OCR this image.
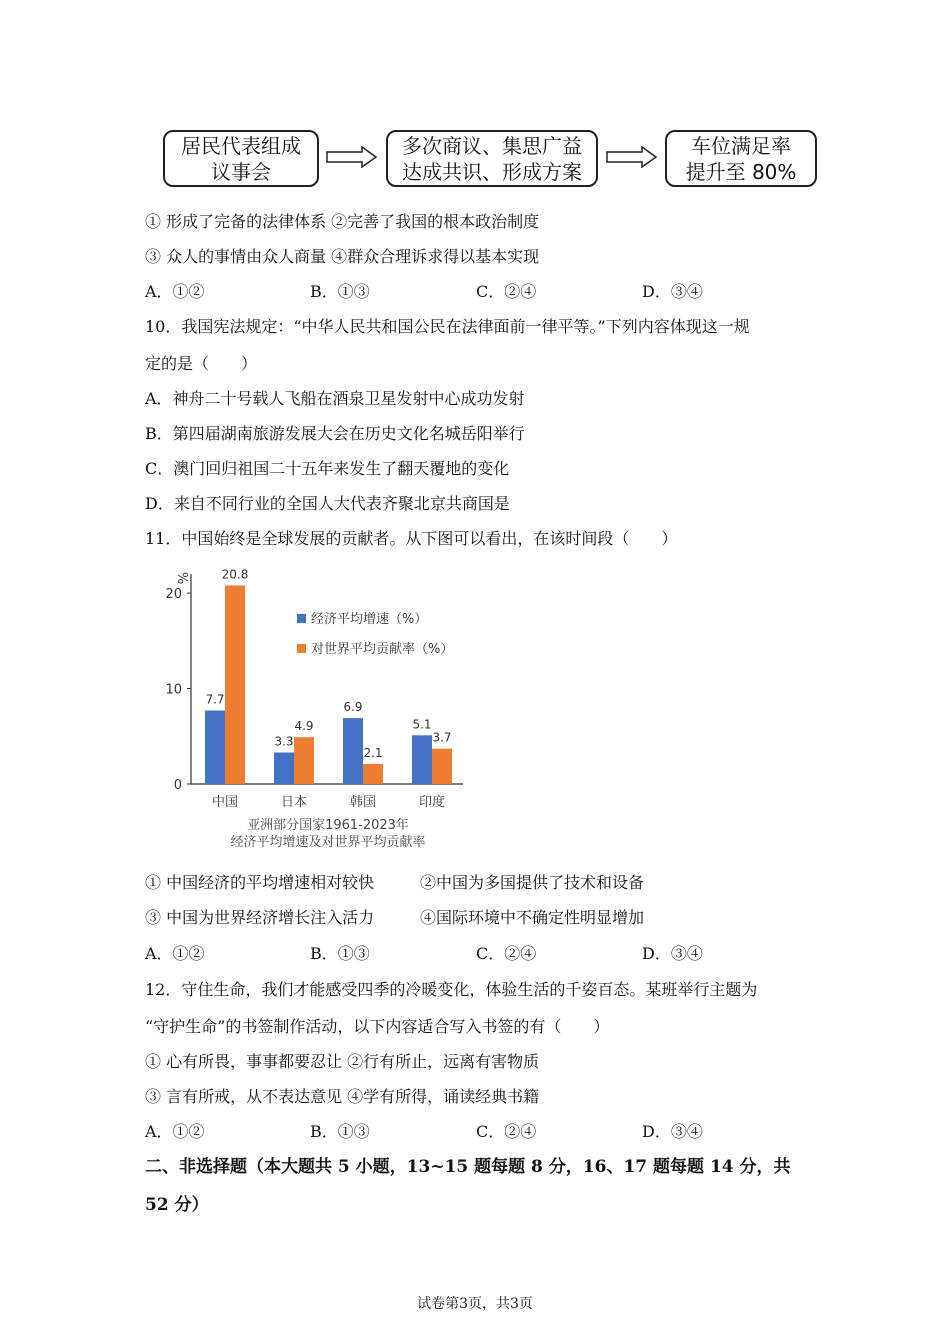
居民代表组成
议事会
多次商议、集思广益
达成共识、形成方案
车位满足率
提升至 80%
① 形成了完备的法律体系 ②完善了我国的根本政治制度
③ 众人的事情由众人商量 ④群众合理诉求得以基本实现
A．①②	B．①③	C．②④	D．③④
10．我国宪法规定：“中华人民共和国公民在法律面前一律平等。”下列内容体现这一规
定的是（　　）
A．神舟二十号载人飞船在酒泉卫星发射中心成功发射
B．第四届湖南旅游发展大会在历史文化名城岳阳举行
C．澳门回归祖国二十五年来发生了翻天覆地的变化
D．来自不同行业的全国人大代表齐聚北京共商国是
11．中国始终是全球发展的贡献者。从下图可以看出，在该时间段（　　）
%
0
10
20
7.7
20.8
中国
3.3
4.9
日本
6.9
2.1
韩国
5.1
3.7
印度
经济平均增速（%）
对世界平均贡献率（%）
亚洲部分国家1961-2023年
经济平均增速及对世界平均贡献率
① 中国经济的平均增速相对较快	②中国为多国提供了技术和设备
③ 中国为世界经济增长注入活力	④国际环境中不确定性明显增加
A．①②	B．①③	C．②④	D．③④
12．守住生命，我们才能感受四季的冷暖变化，体验生活的千姿百态。某班举行主题为
“守护生命”的书签制作活动，以下内容适合写入书签的有（　　）
① 心有所畏，事事都要忍让 ②行有所止，远离有害物质
③ 言有所戒，从不表达意见 ④学有所得，诵读经典书籍
A．①②	B．①③	C．②④	D．③④
二、非选择题（本大题共 5 小题，13~15 题每题 8 分，16、17 题每题 14 分，共
52 分）
试卷第3页，共3页
